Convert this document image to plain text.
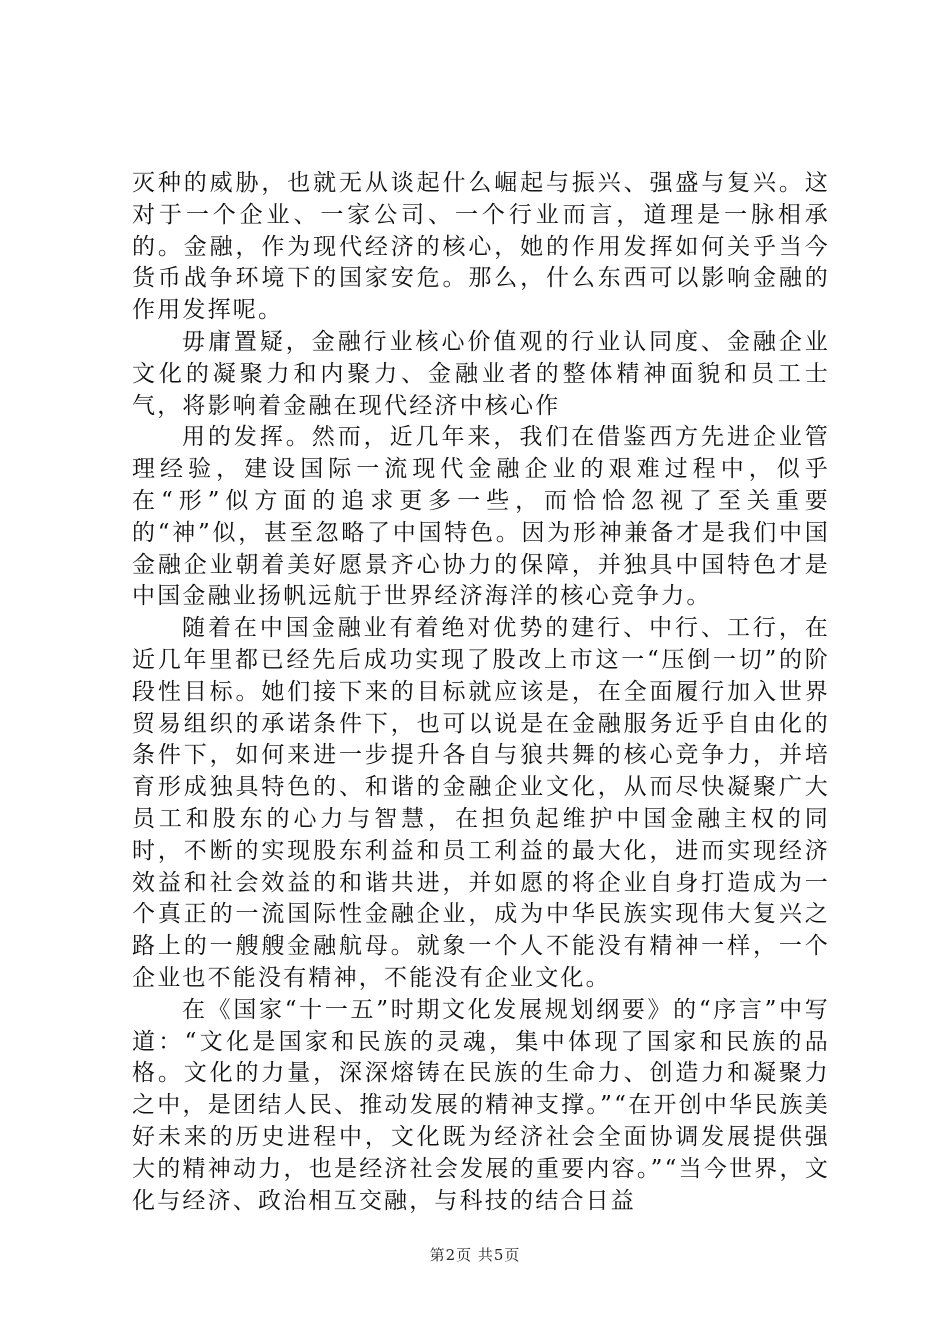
灭种的威胁，也就无从谈起什么崛起与振兴、强盛与复兴。这对于一个企业、一家公司、一个行业而言，道理是一脉相承的。金融，作为现代经济的核心，她的作用发挥如何关乎当今货币战争环境下的国家安危。那么，什么东西可以影响金融的作用发挥呢。

毋庸置疑，金融行业核心价值观的行业认同度、金融企业文化的凝聚力和内聚力、金融业者的整体精神面貌和员工士气，将影响着金融在现代经济中核心作

用的发挥。然而，近几年来，我们在借鉴西方先进企业管理经验，建设国际一流现代金融企业的艰难过程中，似乎在“形”似方面的追求更多一些，而恰恰忽视了至关重要的“神”似，甚至忽略了中国特色。因为形神兼备才是我们中国金融企业朝着美好愿景齐心协力的保障，并独具中国特色才是中国金融业扬帆远航于世界经济海洋的核心竞争力。

随着在中国金融业有着绝对优势的建行、中行、工行，在近几年里都已经先后成功实现了股改上市这一“压倒一切”的阶段性目标。她们接下来的目标就应该是，在全面履行加入世界贸易组织的承诺条件下，也可以说是在金融服务近乎自由化的条件下，如何来进一步提升各自与狼共舞的核心竞争力，并培育形成独具特色的、和谐的金融企业文化，从而尽快凝聚广大员工和股东的心力与智慧，在担负起维护中国金融主权的同时，不断的实现股东利益和员工利益的最大化，进而实现经济效益和社会效益的和谐共进，并如愿的将企业自身打造成为一个真正的一流国际性金融企业，成为中华民族实现伟大复兴之路上的一艘艘金融航母。就象一个人不能没有精神一样，一个企业也不能没有精神，不能没有企业文化。

在《国家“十一五”时期文化发展规划纲要》的“序言”中写道：“文化是国家和民族的灵魂，集中体现了国家和民族的品格。文化的力量，深深熔铸在民族的生命力、创造力和凝聚力之中，是团结人民、推动发展的精神支撑。”“在开创中华民族美好未来的历史进程中，文化既为经济社会全面协调发展提供强大的精神动力，也是经济社会发展的重要内容。”“当今世界，文化与经济、政治相互交融，与科技的结合日益

第2页 共5页
